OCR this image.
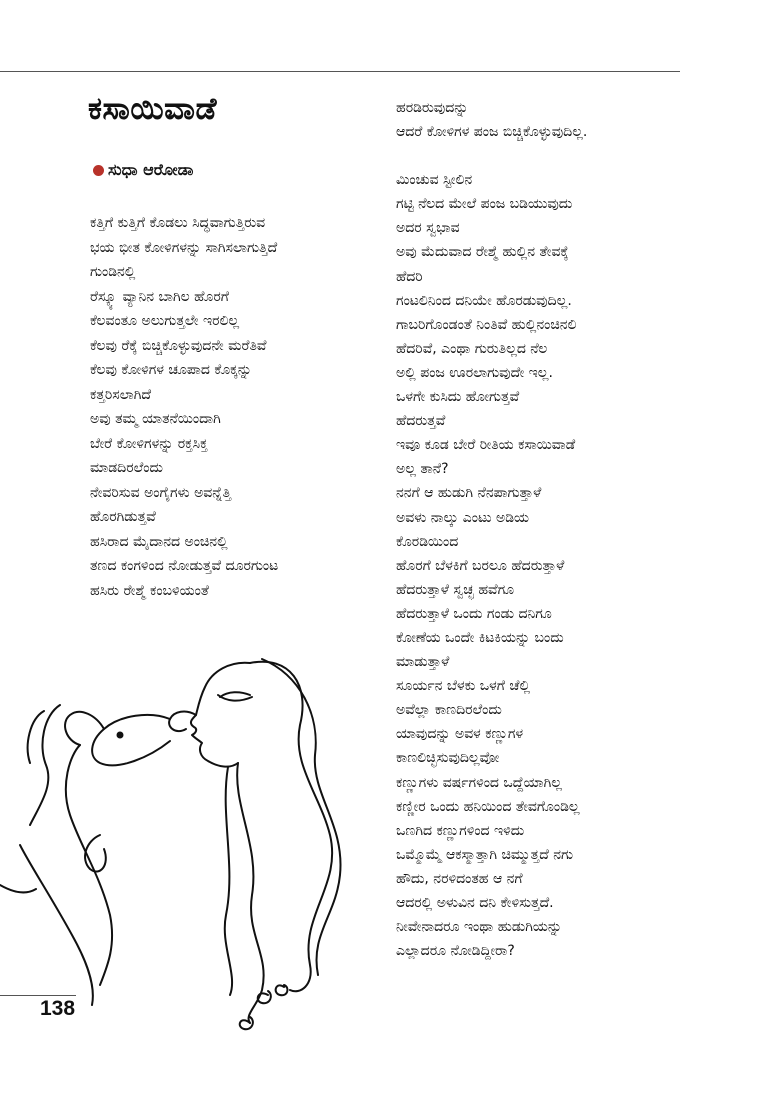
ಕಸಾಯಿವಾಡೆ
ಸುಧಾ ಆರೋಡಾ
ಕತ್ತಿಗೆ ಕುತ್ತಿಗೆ ಕೊಡಲು ಸಿದ್ಧವಾಗುತ್ತಿರುವ
ಭಯ ಭೀತ ಕೋಳಿಗಳನ್ನು ಸಾಗಿಸಲಾಗುತ್ತಿದೆ
ಗುಂಡಿನಲ್ಲಿ
ರೆಸ್ಕ್ಯೂ ವ್ಯಾನಿನ ಬಾಗಿಲ ಹೊರಗೆ
ಕೆಲವಂತೂ ಅಲುಗುತ್ತಲೇ ಇರಲಿಲ್ಲ
ಕೆಲವು ರೆಕ್ಕೆ ಬಿಚ್ಚಿಕೊಳ್ಳುವುದನೇ ಮರೆತಿವೆ
ಕೆಲವು ಕೋಳಿಗಳ ಚೂಪಾದ ಕೊಕ್ಕನ್ನು
ಕತ್ತರಿಸಲಾಗಿದೆ
ಅವು ತಮ್ಮ ಯಾತನೆಯಿಂದಾಗಿ
ಬೇರೆ ಕೋಳಿಗಳನ್ನು ರಕ್ತಸಿಕ್ತ
ಮಾಡದಿರಲೆಂದು
ನೇವರಿಸುವ ಅಂಗೈಗಳು ಅವನ್ನೆತ್ತಿ
ಹೊರಗಿಡುತ್ತವೆ
ಹಸಿರಾದ ಮೈದಾನದ ಅಂಚಿನಲ್ಲಿ
ತಣದ ಕಂಗಳಿಂದ ನೋಡುತ್ತವೆ ದೂರಗುಂಟ
ಹಸಿರು ರೇಶ್ಮೆ ಕಂಬಳಿಯಂತೆ
ಹರಡಿರುವುದನ್ನು
ಆದರೆ ಕೋಳಿಗಳ ಪಂಜ ಬಿಚ್ಚಿಕೊಳ್ಳುವುದಿಲ್ಲ.
ಮಿಂಚುವ ಸ್ಟೀಲಿನ
ಗಟ್ಟಿ ನೆಲದ ಮೇಲೆ ಪಂಜ ಬಡಿಯುವುದು
ಅದರ ಸ್ವಭಾವ
ಅವು ಮೆದುವಾದ ರೇಶ್ಮೆ ಹುಲ್ಲಿನ ತೇವಕ್ಕೆ
ಹೆದರಿ
ಗಂಟಲಿನಿಂದ ದನಿಯೇ ಹೊರಡುವುದಿಲ್ಲ.
ಗಾಬರಿಗೊಂಡಂತೆ ನಿಂತಿವೆ ಹುಲ್ಲಿನಂಚಿನಲಿ
ಹೆದರಿವೆ, ಎಂಥಾ ಗುರುತಿಲ್ಲದ ನೆಲ
ಅಲ್ಲಿ ಪಂಜ ಊರಲಾಗುವುದೇ ಇಲ್ಲ.
ಒಳಗೇ ಕುಸಿದು ಹೋಗುತ್ತವೆ
ಹೆದರುತ್ತವೆ
ಇವೂ ಕೂಡ ಬೇರೆ ರೀತಿಯ ಕಸಾಯಿವಾಡೆ
ಅಲ್ಲ ತಾನೆ?
ನನಗೆ ಆ ಹುಡುಗಿ ನೆನಪಾಗುತ್ತಾಳೆ
ಅವಳು ನಾಲ್ಕು ಎಂಟು ಅಡಿಯ
ಕೊರಡಿಯಿಂದ
ಹೊರಗೆ ಬೆಳಕಿಗೆ ಬರಲೂ ಹೆದರುತ್ತಾಳೆ
ಹೆದರುತ್ತಾಳೆ ಸ್ವಚ್ಛ ಹವೆಗೂ
ಹೆದರುತ್ತಾಳೆ ಒಂದು ಗಂಡು ದನಿಗೂ
ಕೋಣೆಯ ಒಂದೇ ಕಿಟಕಿಯನ್ನು ಬಂದು
ಮಾಡುತ್ತಾಳೆ
ಸೂರ್ಯನ ಬೆಳಕು ಒಳಗೆ ಚೆಲ್ಲಿ
ಅವೆಲ್ಲಾ ಕಾಣದಿರಲೆಂದು
ಯಾವುದನ್ನು ಅವಳ ಕಣ್ಣುಗಳ
ಕಾಣಲಿಚ್ಛಿಸುವುದಿಲ್ಲವೋ
ಕಣ್ಣುಗಳು ವರ್ಷಗಳಿಂದ ಒದ್ದೆಯಾಗಿಲ್ಲ
ಕಣ್ಣೀರ ಒಂದು ಹನಿಯಿಂದ ತೇವಗೊಂಡಿಲ್ಲ
ಒಣಗಿದ ಕಣ್ಣುಗಳಿಂದ ಇಳಿದು
ಒಮ್ಮೊಮ್ಮೆ ಆಕಸ್ಮಾತ್ತಾಗಿ ಚಿಮ್ಮುತ್ತದೆ ನಗು
ಹೌದು, ನರಳಿದಂತಹ ಆ ನಗೆ
ಆದರಲ್ಲಿ ಅಳುವಿನ ದನಿ ಕೇಳಿಸುತ್ತದೆ.
ನೀವೇನಾದರೂ ಇಂಥಾ ಹುಡುಗಿಯನ್ನು
ಎಲ್ಲಾದರೂ ನೋಡಿದ್ದೀರಾ?
138
